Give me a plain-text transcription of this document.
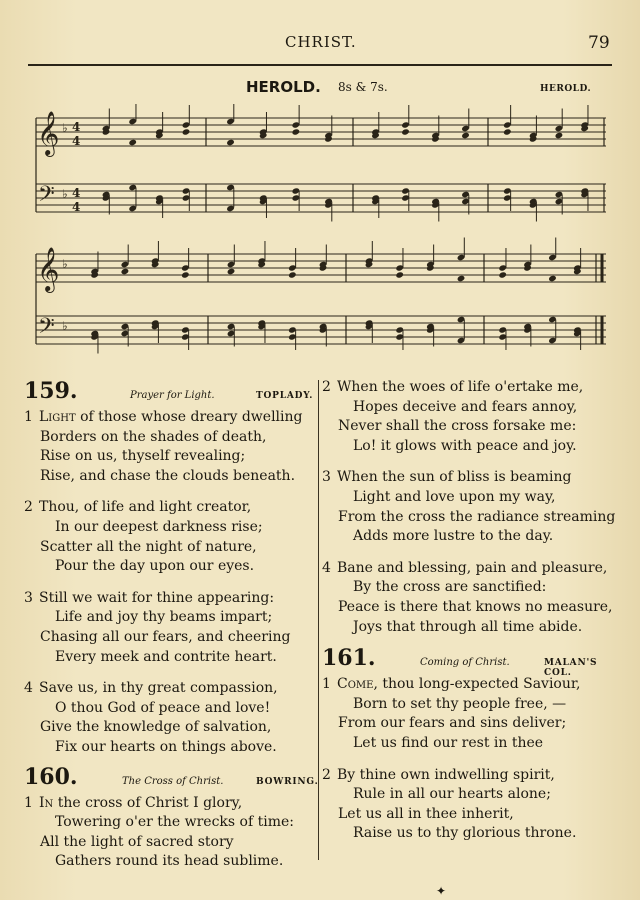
CHRIST.	79
HEROLD. 8s & 7s.	HEROLD.
𝄞
𝄢
♭
♭
4
4
4
4
𝄞
𝄢
♭
♭
159.	Prayer for Light.	TOPLADY.
1 Light of those whose dreary dwelling
Borders on the shades of death,
Rise on us, thyself revealing;
Rise, and chase the clouds beneath.
2 Thou, of life and light creator,
In our deepest darkness rise;
Scatter all the night of nature,
Pour the day upon our eyes.
3 Still we wait for thine appearing:
Life and joy thy beams impart;
Chasing all our fears, and cheering
Every meek and contrite heart.
4 Save us, in thy great compassion,
O thou God of peace and love!
Give the knowledge of salvation,
Fix our hearts on things above.
160.	The Cross of Christ.	BOWRING.
1 In the cross of Christ I glory,
Towering o'er the wrecks of time:
All the light of sacred story
Gathers round its head sublime.
2 When the woes of life o'ertake me,
Hopes deceive and fears annoy,
Never shall the cross forsake me:
Lo! it glows with peace and joy.
3 When the sun of bliss is beaming
Light and love upon my way,
From the cross the radiance streaming
Adds more lustre to the day.
4 Bane and blessing, pain and pleasure,
By the cross are sanctified:
Peace is there that knows no measure,
Joys that through all time abide.
161.	Coming of Christ.	MALAN'S COL.
1 Come, thou long-expected Saviour,
Born to set thy people free, —
From our fears and sins deliver;
Let us find our rest in thee
2 By thine own indwelling spirit,
Rule in all our hearts alone;
Let us all in thee inherit,
Raise us to thy glorious throne.
✦
